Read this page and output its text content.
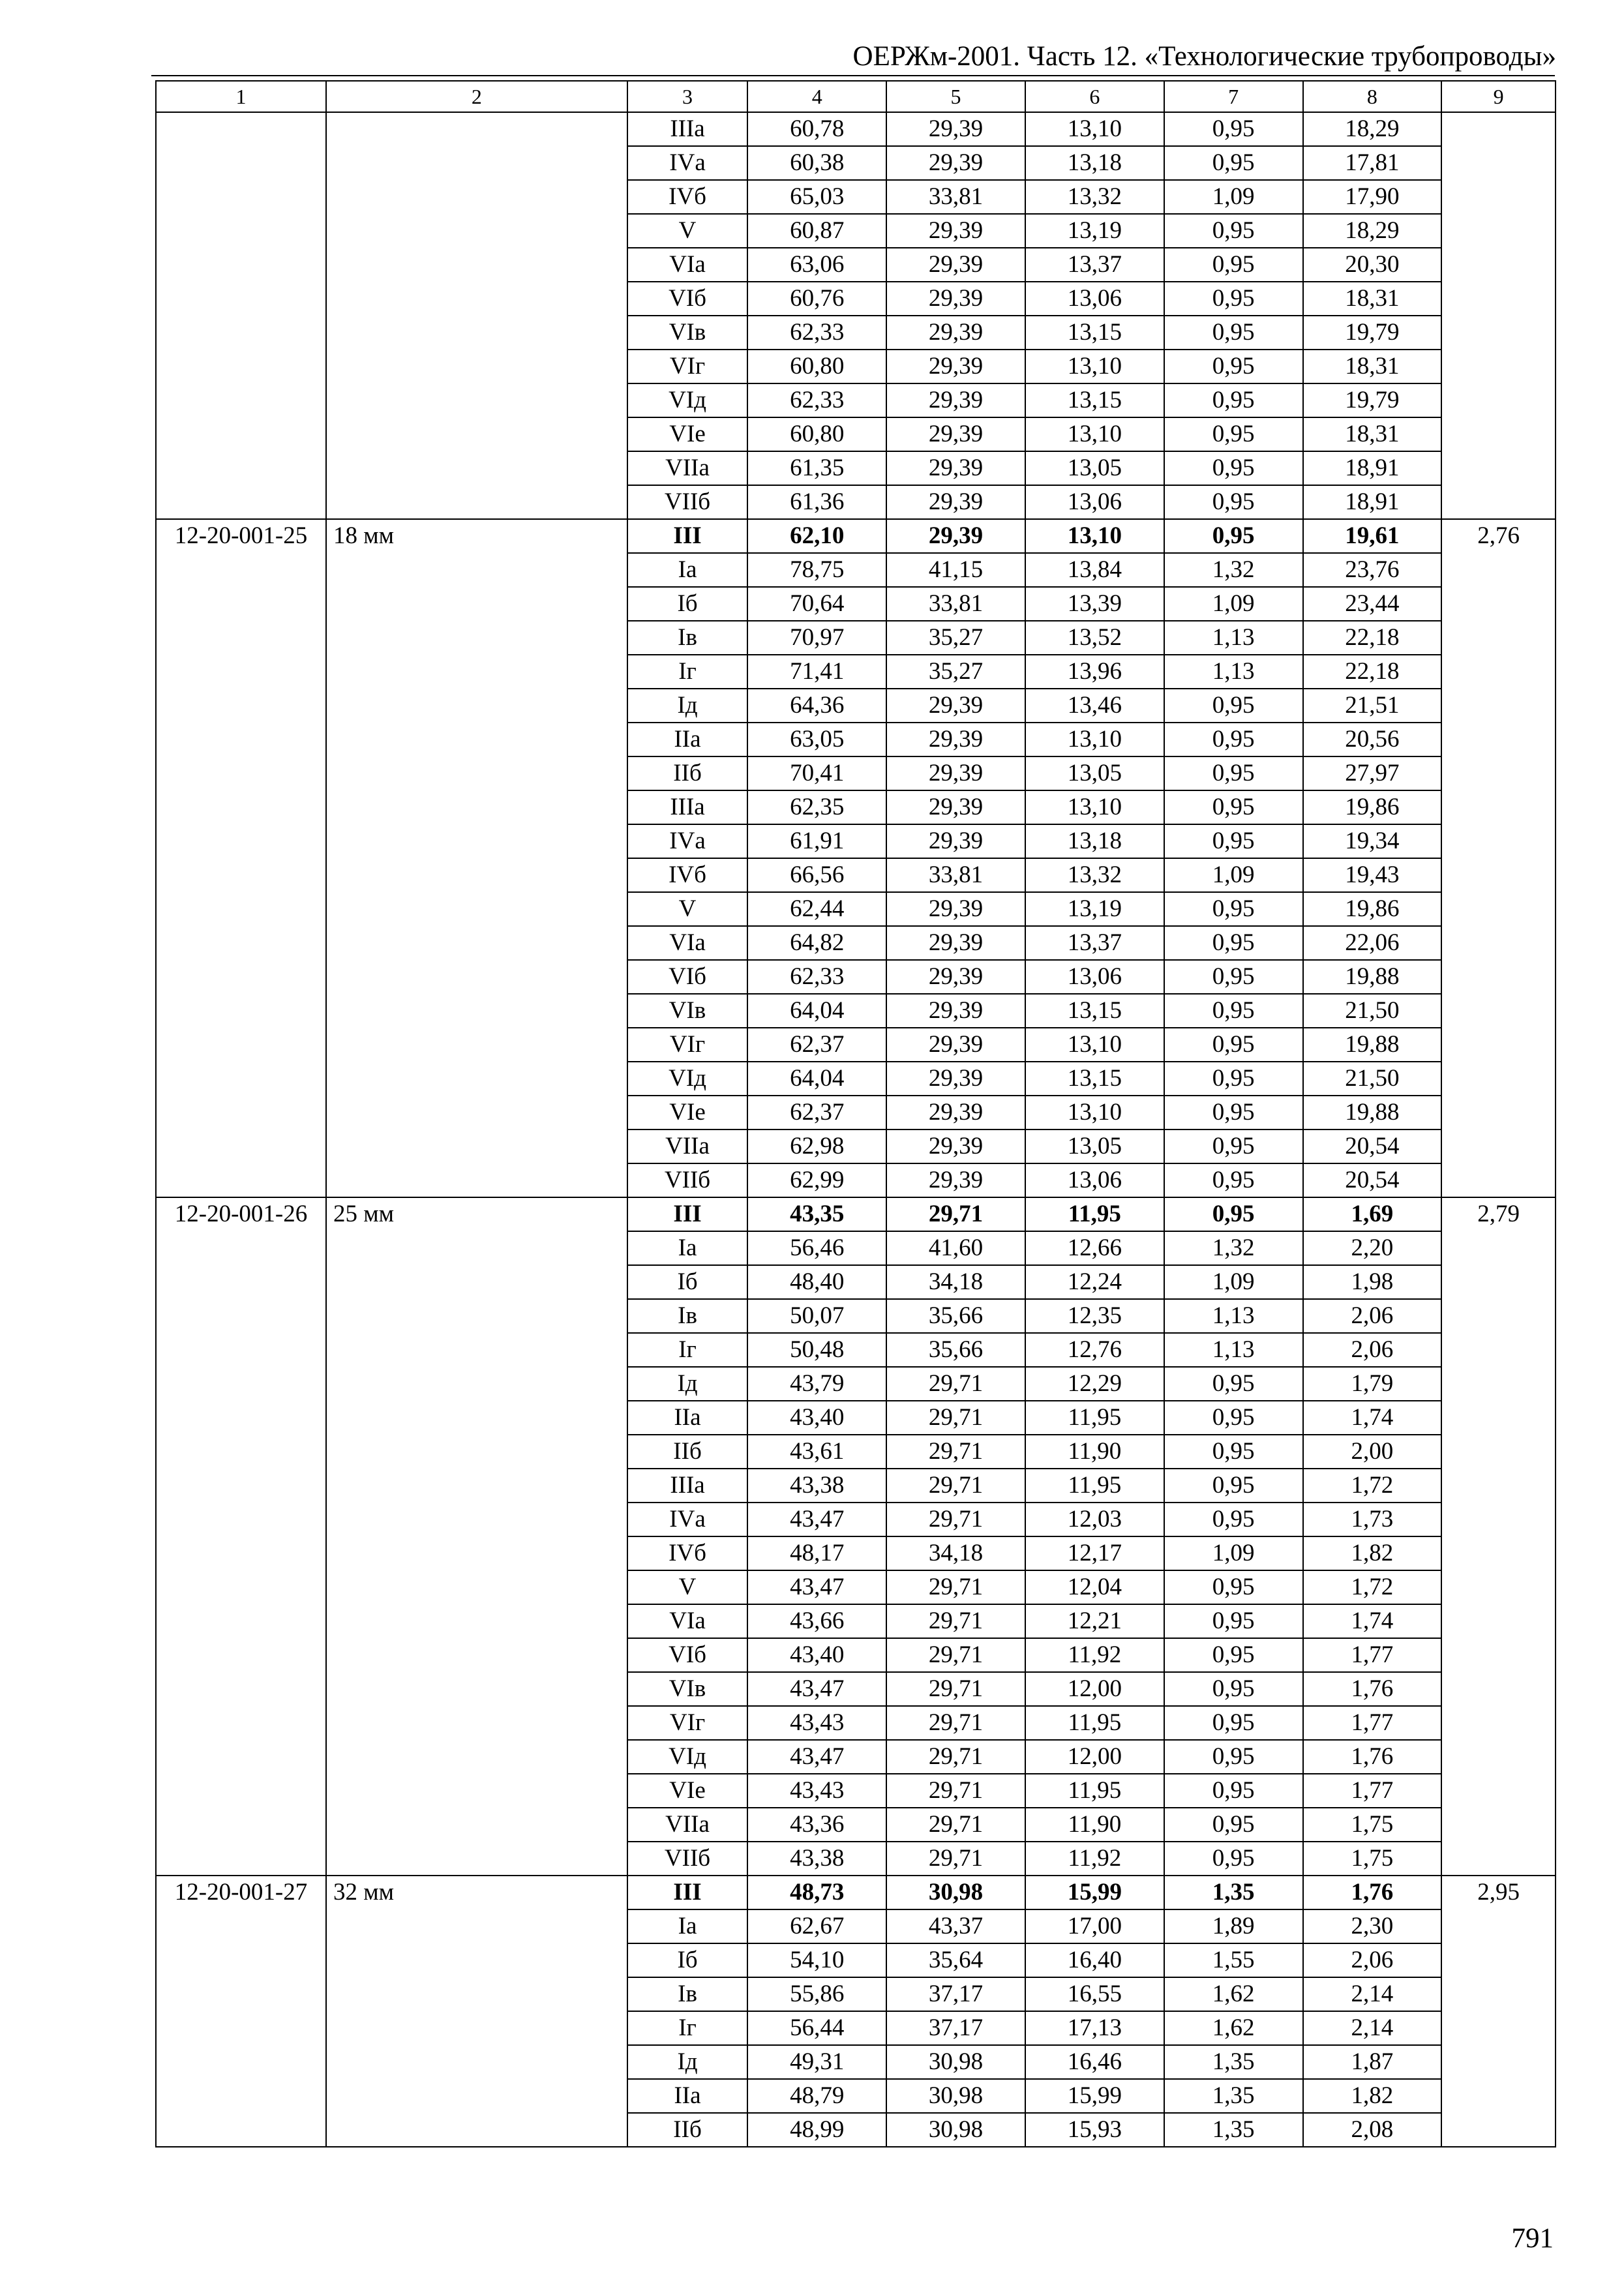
ОЕРЖм-2001. Часть 12. «Технологические трубопроводы»
1	2	3	4	5	6	7	8	9
		IIIа	60,78	29,39	13,10	0,95	18,29	
		IVа	60,38	29,39	13,18	0,95	17,81	
		IVб	65,03	33,81	13,32	1,09	17,90	
		V	60,87	29,39	13,19	0,95	18,29	
		VIа	63,06	29,39	13,37	0,95	20,30	
		VIб	60,76	29,39	13,06	0,95	18,31	
		VIв	62,33	29,39	13,15	0,95	19,79	
		VIг	60,80	29,39	13,10	0,95	18,31	
		VIд	62,33	29,39	13,15	0,95	19,79	
		VIе	60,80	29,39	13,10	0,95	18,31	
		VIIа	61,35	29,39	13,05	0,95	18,91	
		VIIб	61,36	29,39	13,06	0,95	18,91	
12-20-001-25	18 мм	III	62,10	29,39	13,10	0,95	19,61	2,76
		Iа	78,75	41,15	13,84	1,32	23,76	
		Iб	70,64	33,81	13,39	1,09	23,44	
		Iв	70,97	35,27	13,52	1,13	22,18	
		Iг	71,41	35,27	13,96	1,13	22,18	
		Iд	64,36	29,39	13,46	0,95	21,51	
		IIа	63,05	29,39	13,10	0,95	20,56	
		IIб	70,41	29,39	13,05	0,95	27,97	
		IIIа	62,35	29,39	13,10	0,95	19,86	
		IVа	61,91	29,39	13,18	0,95	19,34	
		IVб	66,56	33,81	13,32	1,09	19,43	
		V	62,44	29,39	13,19	0,95	19,86	
		VIа	64,82	29,39	13,37	0,95	22,06	
		VIб	62,33	29,39	13,06	0,95	19,88	
		VIв	64,04	29,39	13,15	0,95	21,50	
		VIг	62,37	29,39	13,10	0,95	19,88	
		VIд	64,04	29,39	13,15	0,95	21,50	
		VIе	62,37	29,39	13,10	0,95	19,88	
		VIIа	62,98	29,39	13,05	0,95	20,54	
		VIIб	62,99	29,39	13,06	0,95	20,54	
12-20-001-26	25 мм	III	43,35	29,71	11,95	0,95	1,69	2,79
		Iа	56,46	41,60	12,66	1,32	2,20	
		Iб	48,40	34,18	12,24	1,09	1,98	
		Iв	50,07	35,66	12,35	1,13	2,06	
		Iг	50,48	35,66	12,76	1,13	2,06	
		Iд	43,79	29,71	12,29	0,95	1,79	
		IIа	43,40	29,71	11,95	0,95	1,74	
		IIб	43,61	29,71	11,90	0,95	2,00	
		IIIа	43,38	29,71	11,95	0,95	1,72	
		IVа	43,47	29,71	12,03	0,95	1,73	
		IVб	48,17	34,18	12,17	1,09	1,82	
		V	43,47	29,71	12,04	0,95	1,72	
		VIа	43,66	29,71	12,21	0,95	1,74	
		VIб	43,40	29,71	11,92	0,95	1,77	
		VIв	43,47	29,71	12,00	0,95	1,76	
		VIг	43,43	29,71	11,95	0,95	1,77	
		VIд	43,47	29,71	12,00	0,95	1,76	
		VIе	43,43	29,71	11,95	0,95	1,77	
		VIIа	43,36	29,71	11,90	0,95	1,75	
		VIIб	43,38	29,71	11,92	0,95	1,75	
12-20-001-27	32 мм	III	48,73	30,98	15,99	1,35	1,76	2,95
		Iа	62,67	43,37	17,00	1,89	2,30	
		Iб	54,10	35,64	16,40	1,55	2,06	
		Iв	55,86	37,17	16,55	1,62	2,14	
		Iг	56,44	37,17	17,13	1,62	2,14	
		Iд	49,31	30,98	16,46	1,35	1,87	
		IIа	48,79	30,98	15,99	1,35	1,82	
		IIб	48,99	30,98	15,93	1,35	2,08	
791
